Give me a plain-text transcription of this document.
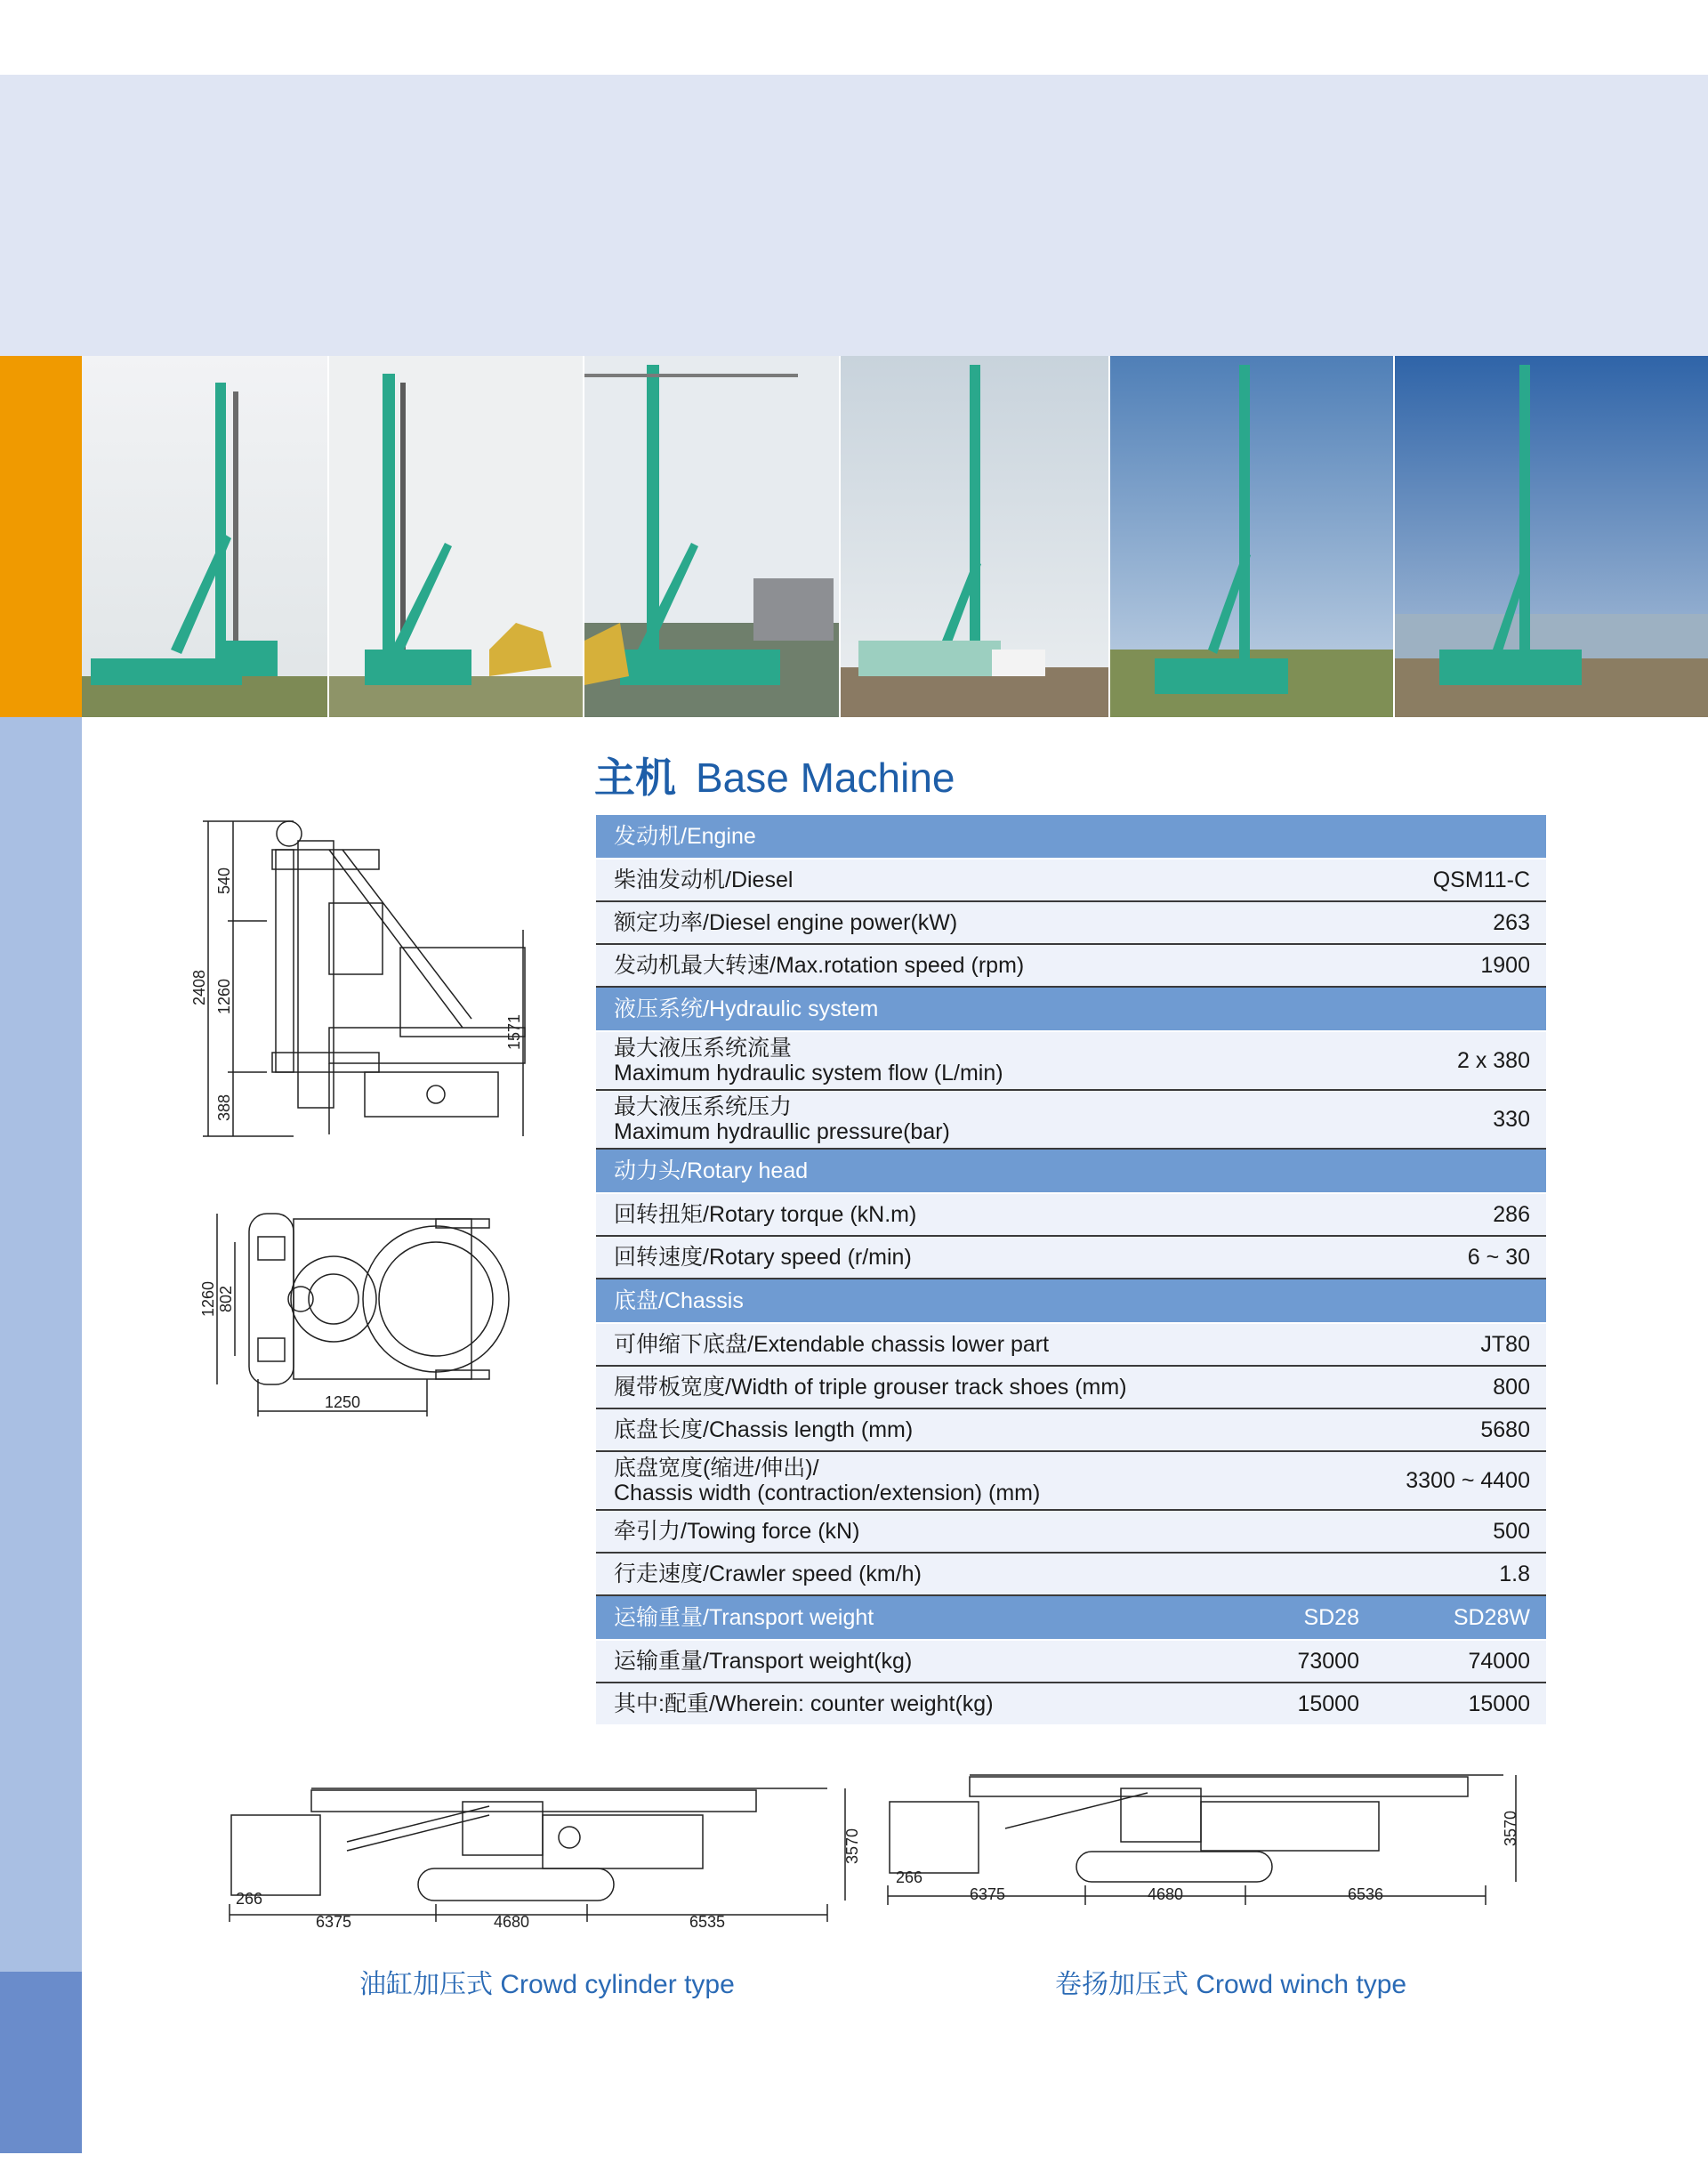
主机 Base Machine
发动机/Engine
柴油发动机/Diesel	QSM11-C
额定功率/Diesel engine power(kW)	263
发动机最大转速/Max.rotation speed (rpm)	1900
液压系统/Hydraulic system
最大液压系统流量
Maximum hydraulic system flow (L/min)	2 x 380
最大液压系统压力
Maximum hydraullic pressure(bar)	330
动力头/Rotary head
回转扭矩/Rotary torque (kN.m)	286
回转速度/Rotary speed (r/min)	6 ~ 30
底盘/Chassis
可伸缩下底盘/Extendable chassis lower part	JT80
履带板宽度/Width of triple grouser track shoes (mm)	800
底盘长度/Chassis length (mm)	5680
底盘宽度(缩进/伸出)/
Chassis width (contraction/extension) (mm)	3300 ~ 4400
牵引力/Towing force (kN)	500
行走速度/Crawler speed (km/h)	1.8
运输重量/Transport weight	SD28	SD28W
运输重量/Transport weight(kg)	73000	74000
其中:配重/Wherein: counter weight(kg)	15000	15000
2408
540
1260
388
1571
1260 802
1250
3570
266
6375	4680	6535
3570
266
6375	4680	6536
油缸加压式 Crowd cylinder type	卷扬加压式 Crowd winch type
